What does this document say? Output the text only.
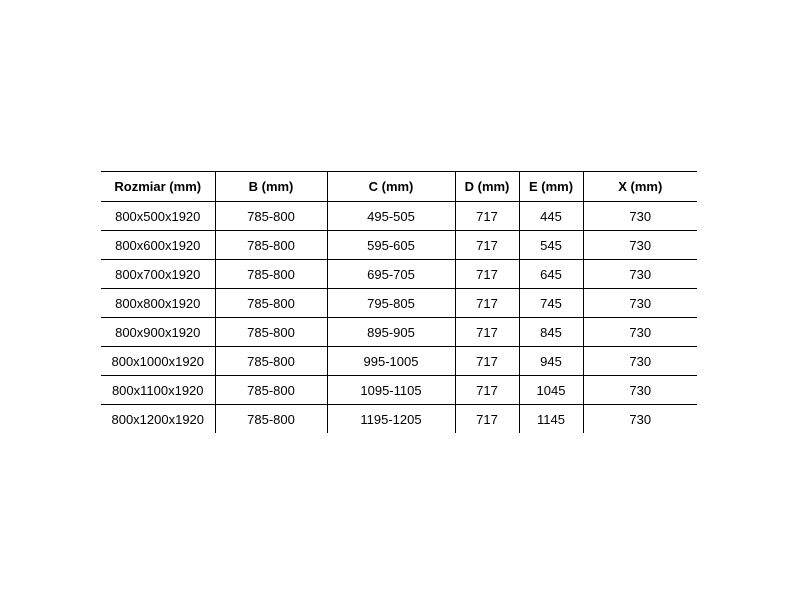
Rozmiar (mm)	B (mm)	C (mm)	D (mm)	E (mm)	X (mm)
800x500x1920	785-800	495-505	717	445	730
800x600x1920	785-800	595-605	717	545	730
800x700x1920	785-800	695-705	717	645	730
800x800x1920	785-800	795-805	717	745	730
800x900x1920	785-800	895-905	717	845	730
800x1000x1920	785-800	995-1005	717	945	730
800x1100x1920	785-800	1095-1105	717	1045	730
800x1200x1920	785-800	1195-1205	717	1145	730
